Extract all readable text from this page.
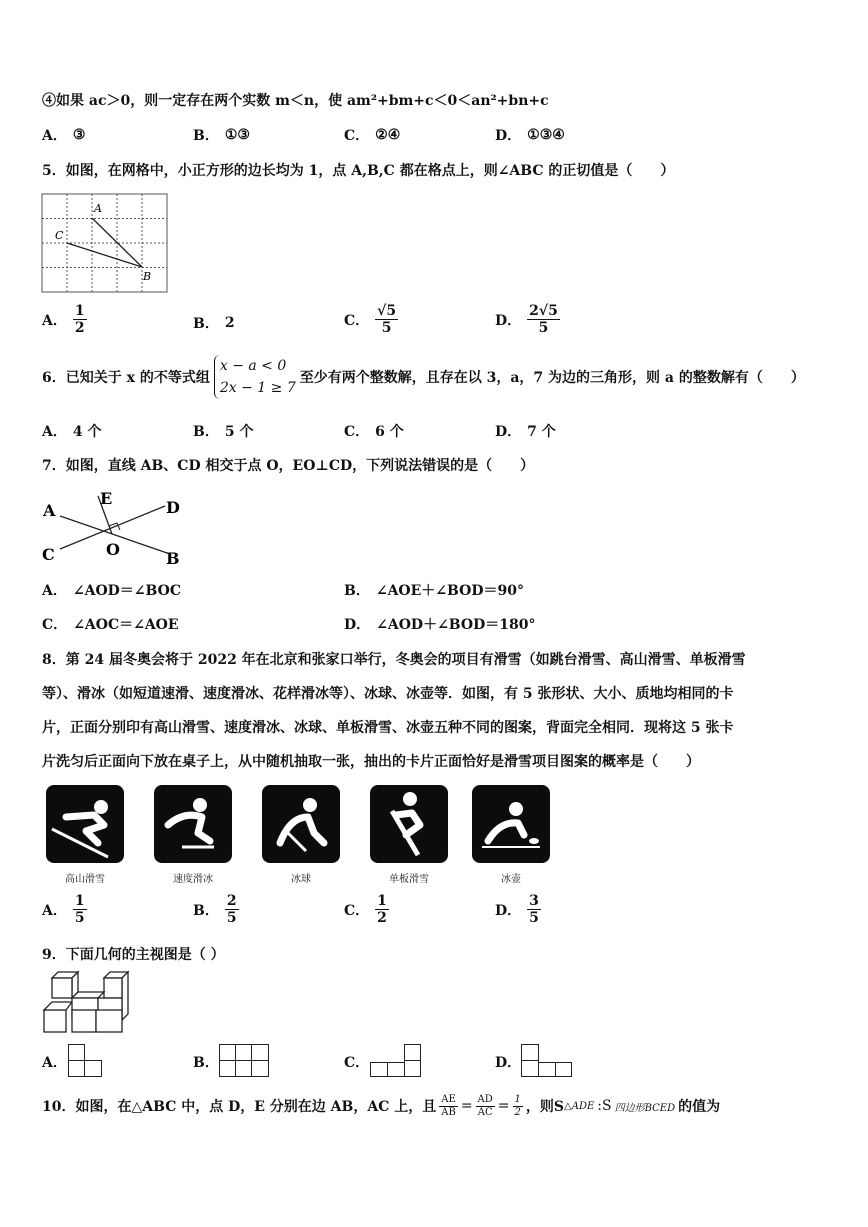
④如果 ac＞0，则一定存在两个实数 m＜n，使 am²+bm+c＜0＜an²+bn+c
A． ③	B． ①③	C． ②④	D． ①③④
5．如图，在网格中，小正方形的边长均为 1，点 A,B,C 都在格点上，则∠ABC 的正切值是（　　）
A
C
B
A． $\frac{1}{2}$	B． 2	C． $\frac{√5}{5}$	D． $\frac{2√5}{5}$
6．已知关于 x 的不等式组
x − a < 0
2x − 1 ≥ 7
至少有两个整数解，且存在以 3，a，7 为边的三角形，则 a 的整数解有（　　）
A． 4 个	B． 5 个	C． 6 个	D． 7 个
7．如图，直线 AB、CD 相交于点 O，EO⊥CD，下列说法错误的是（　　）
A
B
C
D
E
O
A． ∠AOD＝∠BOC	B． ∠AOE＋∠BOD＝90°
C． ∠AOC＝∠AOE	D． ∠AOD＋∠BOD＝180°
8．第 24 届冬奥会将于 2022 年在北京和张家口举行，冬奥会的项目有滑雪（如跳台滑雪、高山滑雪、单板滑雪
等）、滑冰（如短道速滑、速度滑冰、花样滑冰等）、冰球、冰壶等．如图，有 5 张形状、大小、质地均相同的卡
片，正面分别印有高山滑雪、速度滑冰、冰球、单板滑雪、冰壶五种不同的图案，背面完全相同．现将这 5 张卡
片洗匀后正面向下放在桌子上，从中随机抽取一张，抽出的卡片正面恰好是滑雪项目图案的概率是（　　）
高山滑雪	速度滑冰	冰球	单板滑雪	冰壶
A． $\frac{1}{5}$	B． $\frac{2}{5}$	C． $\frac{1}{2}$	D． $\frac{3}{5}$
9．下面几何的主视图是（ ）
A．	B．	C．	D．
10．如图，在△ABC 中，点 D，E 分别在边 AB，AC 上，且 $\frac{AE}{AB} = \frac{AD}{AC} = \frac{1}{2}$ ，则S △ADE :S 四边形BCED 的值为
